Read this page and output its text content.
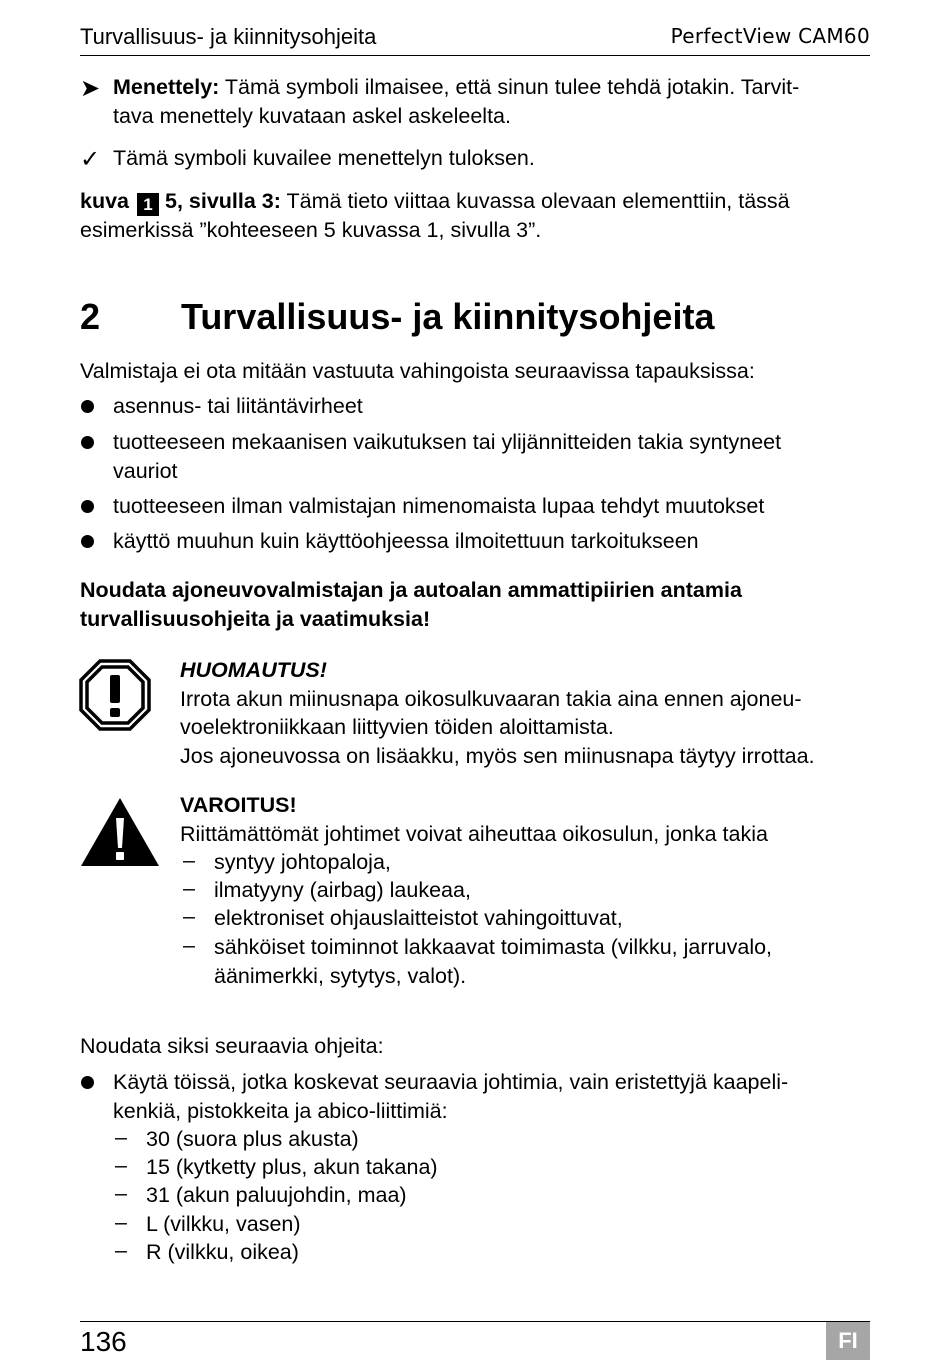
Turvallisuus- ja kiinnitysohjeita	PerfectView CAM60
➤ Menettely: Tämä symboli ilmaisee, että sinun tulee tehdä jotakin. Tarvit-
tava menettely kuvataan askel askeleelta.
✓ Tämä symboli kuvailee menettelyn tuloksen.
kuva 1 5, sivulla 3: Tämä tieto viittaa kuvassa olevaan elementtiin, tässä
esimerkissä ”kohteeseen 5 kuvassa 1, sivulla 3”.
2 Turvallisuus- ja kiinnitysohjeita
Valmistaja ei ota mitään vastuuta vahingoista seuraavissa tapauksissa:
asennus- tai liitäntävirheet
tuotteeseen mekaanisen vaikutuksen tai ylijännitteiden takia syntyneet
vauriot
tuotteeseen ilman valmistajan nimenomaista lupaa tehdyt muutokset
käyttö muuhun kuin käyttöohjeessa ilmoitettuun tarkoitukseen
Noudata ajoneuvovalmistajan ja autoalan ammattipiirien antamia
turvallisuusohjeita ja vaatimuksia!
HUOMAUTUS!
Irrota akun miinusnapa oikosulkuvaaran takia aina ennen ajoneu-
voelektroniikkaan liittyvien töiden aloittamista.
Jos ajoneuvossa on lisäakku, myös sen miinusnapa täytyy irrottaa.
VAROITUS!
Riittämättömät johtimet voivat aiheuttaa oikosulun, jonka takia
– syntyy johtopaloja,
– ilmatyyny (airbag) laukeaa,
– elektroniset ohjauslaitteistot vahingoittuvat,
– sähköiset toiminnot lakkaavat toimimasta (vilkku, jarruvalo,
äänimerkki, sytytys, valot).
Noudata siksi seuraavia ohjeita:
Käytä töissä, jotka koskevat seuraavia johtimia, vain eristettyjä kaapeli-
kenkiä, pistokkeita ja abico-liittimiä:
– 30 (suora plus akusta)
– 15 (kytketty plus, akun takana)
– 31 (akun paluujohdin, maa)
– L (vilkku, vasen)
– R (vilkku, oikea)
136	FI
